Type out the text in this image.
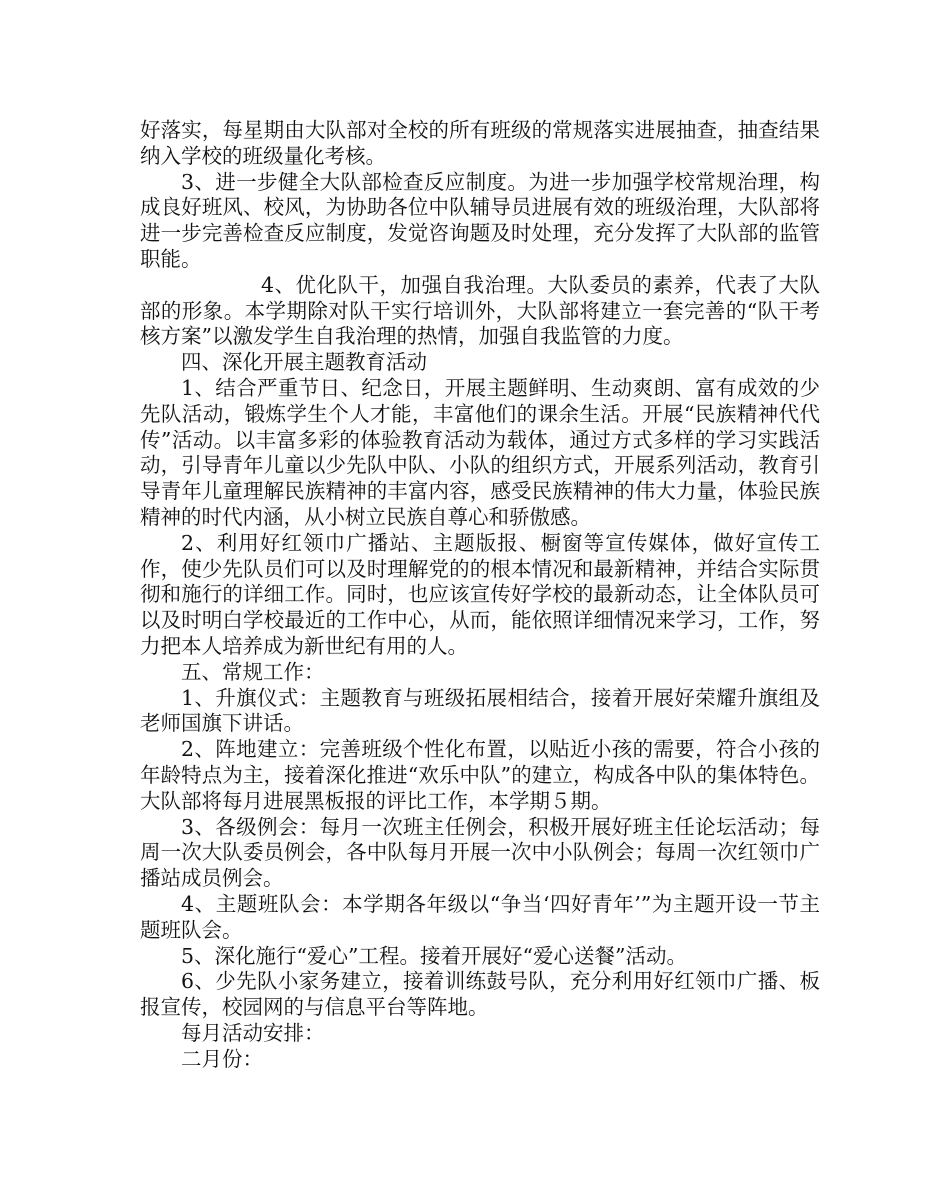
好落实，每星期由大队部对全校的所有班级的常规落实进展抽查，抽查结果纳入学校的班级量化考核。

3、进一步健全大队部检查反应制度。为进一步加强学校常规治理，构成良好班风、校风，为协助各位中队辅导员进展有效的班级治理，大队部将进一步完善检查反应制度，发觉咨询题及时处理，充分发挥了大队部的监管职能。

4、优化队干，加强自我治理。大队委员的素养，代表了大队部的形象。本学期除对队干实行培训外，大队部将建立一套完善的“队干考核方案”以激发学生自我治理的热情，加强自我监管的力度。

四、深化开展主题教育活动

1、结合严重节日、纪念日，开展主题鲜明、生动爽朗、富有成效的少先队活动，锻炼学生个人才能，丰富他们的课余生活。开展“民族精神代代传”活动。以丰富多彩的体验教育活动为载体，通过方式多样的学习实践活动，引导青年儿童以少先队中队、小队的组织方式，开展系列活动，教育引导青年儿童理解民族精神的丰富内容，感受民族精神的伟大力量，体验民族精神的时代内涵，从小树立民族自尊心和骄傲感。

2、利用好红领巾广播站、主题版报、橱窗等宣传媒体，做好宣传工作，使少先队员们可以及时理解党的的根本情况和最新精神，并结合实际贯彻和施行的详细工作。同时，也应该宣传好学校的最新动态，让全体队员可以及时明白学校最近的工作中心，从而，能依照详细情况来学习，工作，努力把本人培养成为新世纪有用的人。

五、常规工作：

1、升旗仪式：主题教育与班级拓展相结合，接着开展好荣耀升旗组及老师国旗下讲话。

2、阵地建立：完善班级个性化布置，以贴近小孩的需要，符合小孩的年龄特点为主，接着深化推进“欢乐中队”的建立，构成各中队的集体特色。大队部将每月进展黑板报的评比工作，本学期５期。

3、各级例会：每月一次班主任例会，积极开展好班主任论坛活动；每周一次大队委员例会，各中队每月开展一次中小队例会；每周一次红领巾广播站成员例会。

4、主题班队会：本学期各年级以“争当‘四好青年’”为主题开设一节主题班队会。

5、深化施行“爱心”工程。接着开展好“爱心送餐”活动。

6、少先队小家务建立，接着训练鼓号队，充分利用好红领巾广播、板报宣传，校园网的与信息平台等阵地。

每月活动安排：

二月份：
